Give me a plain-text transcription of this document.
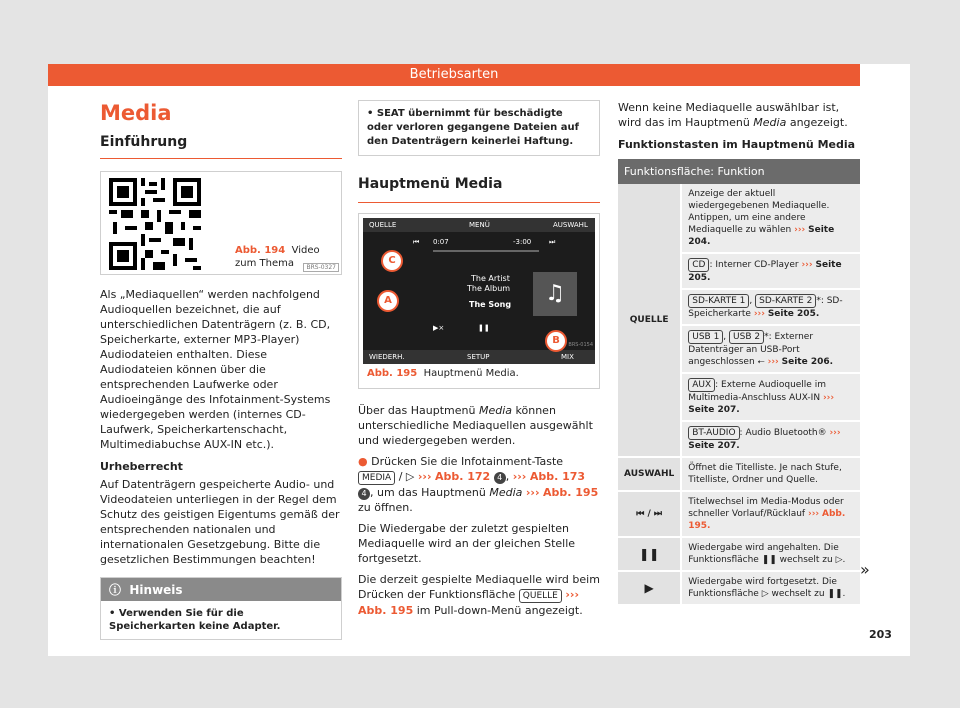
Betriebsarten
Media
Einführung
BRS-0327
Abb. 194 Video zum Thema

Als „Mediaquellen“ werden nachfolgend Audioquellen bezeichnet, die auf unterschiedlichen Datenträgern (z. B. CD, Speicherkarte, externer MP3-Player) Audiodateien enthalten. Diese Audiodateien können über die entsprechenden Laufwerke oder Audioeingänge des Infotainment-Systems wiedergegeben werden (internes CD-Laufwerk, Speicherkartenschacht, Multimediabuchse AUX-IN etc.).

Urheberrecht

Auf Datenträgern gespeicherte Audio- und Videodateien unterliegen in der Regel dem Schutz des geistigen Eigentums gemäß der entsprechenden nationalen und internationalen Gesetzgebung. Bitte die gesetzlichen Bestimmungen beachten!

ⓘ Hinweis
• Verwenden Sie für die Speicherkarten keine Adapter.
• SEAT übernimmt für beschädigte oder verloren gegangene Dateien auf den Datenträgern keinerlei Haftung.
Hauptmenü Media
QUELLE	MENÜ	AUSWAHL
⏮ 0:07	-3:00	⏭
The Artist
The Album
The Song	♫
▶×	❚❚
WIEDERH.	SETUP	MIX
C
A
B	BRS-0154
Abb. 195 Hauptmenü Media.

Über das Hauptmenü Media können unterschiedliche Mediaquellen ausgewählt und wiedergegeben werden.

● Drücken Sie die Infotainment-Taste MEDIA / ▷ ››› Abb. 172 4 , ››› Abb. 173 4 , um das Hauptmenü Media ››› Abb. 195 zu öffnen.

Die Wiedergabe der zuletzt gespielten Mediaquelle wird an der gleichen Stelle fortgesetzt.

Die derzeit gespielte Mediaquelle wird beim Drücken der Funktionsfläche QUELLE ››› Abb. 195 im Pull-down-Menü angezeigt.

Wenn keine Mediaquelle auswählbar ist, wird das im Hauptmenü Media angezeigt.

Funktionstasten im Hauptmenü Media
Funktionsfläche: Funktion	
QUELLE	Anzeige der aktuell wiedergegebenen Mediaquelle. Antippen, um eine andere Mediaquelle zu wählen ››› Seite 204.
	CD : Interner CD-Player ››› Seite 205.
	SD-KARTE 1 , SD-KARTE 2 *: SD-Speicherkarte ››› Seite 205.
	USB 1 , USB 2 *: Externer Datenträger an USB-Port angeschlossen ⭠ ››› Seite 206.
	AUX : Externe Audioquelle im Multimedia-Anschluss AUX-IN ››› Seite 207.
	BT-AUDIO : Audio Bluetooth® ››› Seite 207.
AUSWAHL	Öffnet die Titelliste. Je nach Stufe, Titelliste, Ordner und Quelle.
⏮ / ⏭	Titelwechsel im Media-Modus oder schneller Vorlauf/Rücklauf ››› Abb. 195.
❚❚	Wiedergabe wird angehalten. Die Funktionsfläche ❚❚ wechselt zu ▷.
▶	Wiedergabe wird fortgesetzt. Die Funktionsfläche ▷ wechselt zu ❚❚.
»
203
